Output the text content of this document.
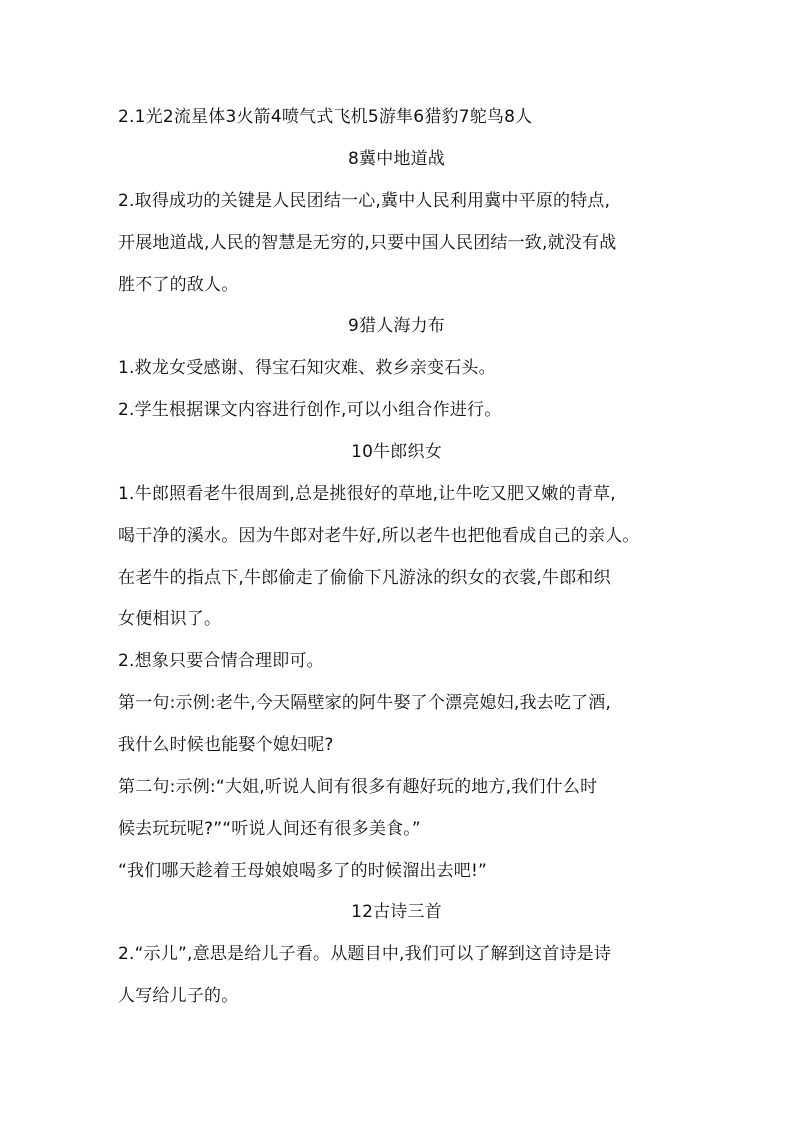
2.1光2流星体3火箭4喷气式飞机5游隼6猎豹7鸵鸟8人
8冀中地道战
2.取得成功的关键是人民团结一心,冀中人民利用冀中平原的特点,
开展地道战,人民的智慧是无穷的,只要中国人民团结一致,就没有战
胜不了的敌人。
9猎人海力布
1.救龙女受感谢、得宝石知灾难、救乡亲变石头。
2.学生根据课文内容进行创作,可以小组合作进行。
10牛郎织女
1.牛郎照看老牛很周到,总是挑很好的草地,让牛吃又肥又嫩的青草,
喝干净的溪水。因为牛郎对老牛好,所以老牛也把他看成自己的亲人。
在老牛的指点下,牛郎偷走了偷偷下凡游泳的织女的衣裳,牛郎和织
女便相识了。
2.想象只要合情合理即可。
第一句:示例:老牛,今天隔壁家的阿牛娶了个漂亮媳妇,我去吃了酒,
我什么时候也能娶个媳妇呢?
第二句:示例:“大姐,听说人间有很多有趣好玩的地方,我们什么时
候去玩玩呢?”“听说人间还有很多美食。”
“我们哪天趁着王母娘娘喝多了的时候溜出去吧!”
12古诗三首
2.“示儿”,意思是给儿子看。从题目中,我们可以了解到这首诗是诗
人写给儿子的。
